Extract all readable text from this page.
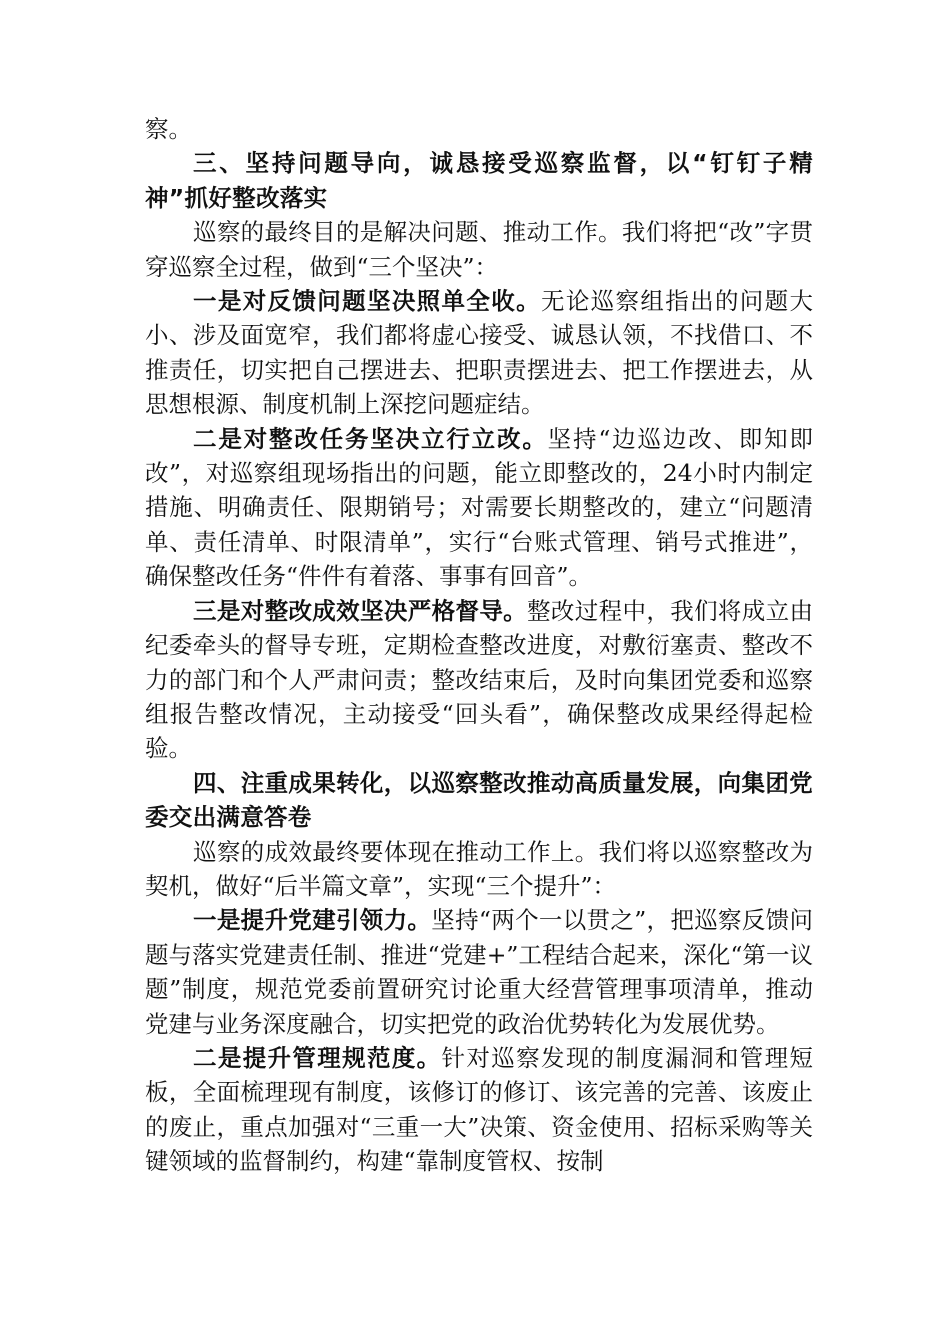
察。

三、坚持问题导向，诚恳接受巡察监督，以“钉钉子精神”抓好整改落实

巡察的最终目的是解决问题、推动工作。我们将把“改”字贯穿巡察全过程，做到“三个坚决”：

一是对反馈问题坚决照单全收。无论巡察组指出的问题大小、涉及面宽窄，我们都将虚心接受、诚恳认领，不找借口、不推责任，切实把自己摆进去、把职责摆进去、把工作摆进去，从思想根源、制度机制上深挖问题症结。

二是对整改任务坚决立行立改。坚持“边巡边改、即知即改”，对巡察组现场指出的问题，能立即整改的，24小时内制定措施、明确责任、限期销号；对需要长期整改的，建立“问题清单、责任清单、时限清单”，实行“台账式管理、销号式推进”，确保整改任务“件件有着落、事事有回音”。

三是对整改成效坚决严格督导。整改过程中，我们将成立由纪委牵头的督导专班，定期检查整改进度，对敷衍塞责、整改不力的部门和个人严肃问责；整改结束后，及时向集团党委和巡察组报告整改情况，主动接受“回头看”，确保整改成果经得起检验。

四、注重成果转化，以巡察整改推动高质量发展，向集团党委交出满意答卷

巡察的成效最终要体现在推动工作上。我们将以巡察整改为契机，做好“后半篇文章”，实现“三个提升”：

一是提升党建引领力。坚持“两个一以贯之”，把巡察反馈问题与落实党建责任制、推进“党建+”工程结合起来，深化“第一议题”制度，规范党委前置研究讨论重大经营管理事项清单，推动党建与业务深度融合，切实把党的政治优势转化为发展优势。

二是提升管理规范度。针对巡察发现的制度漏洞和管理短板，全面梳理现有制度，该修订的修订、该完善的完善、该废止的废止，重点加强对“三重一大”决策、资金使用、招标采购等关键领域的监督制约，构建“靠制度管权、按制
